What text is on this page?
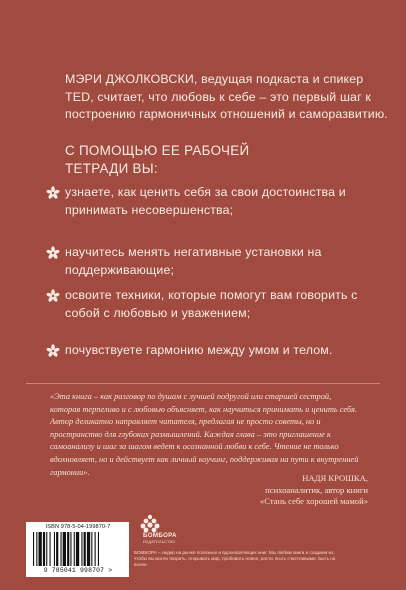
МЭРИ ДЖОЛКОВСКИ, ведущая подкаста и спикер TED, считает, что любовь к себе – это первый шаг к построению гармоничных отношений и саморазвитию.

С ПОМОЩЬЮ ЕЕ РАБОЧЕЙ ТЕТРАДИ ВЫ:

узнаете, как ценить себя за свои достоинства и принимать несовершенства;
научитесь менять негативные установки на поддерживающие;
освоите техники, которые помогут вам говорить с собой с любовью и уважением;
почувствуете гармонию между умом и телом.

«Эта книга – как разговор по душам с лучшей подругой или старшей сестрой, которая терпеливо и с любовью объясняет, как научиться принимать и ценить себя. Автор деликатно направляет читателя, предлагая не просто советы, но и пространство для глубоких размышлений. Каждая глава – это приглашение к самоанализу и шаг за шагом ведет к осознанной любви к себе. Чтение не только вдохновляет, но и действует как личный коучинг, поддерживая на пути к внутренней гармонии».

НАДЯ КРОШКА,
психоаналитик, автор книги
«Стань себе хорошей мамой»
ISBN 978-5-04-199870-7
9 785041 998707 >
БОМБОРА
ИЗДАТЕЛЬСТВО

БОМБОРА – лидер на рынке полезных и вдохновляющих книг. Мы любим книги и создаем их, чтобы вы могли творить, открывать мир, пробовать новое, расти. Быть счастливыми. Быть на волне.
